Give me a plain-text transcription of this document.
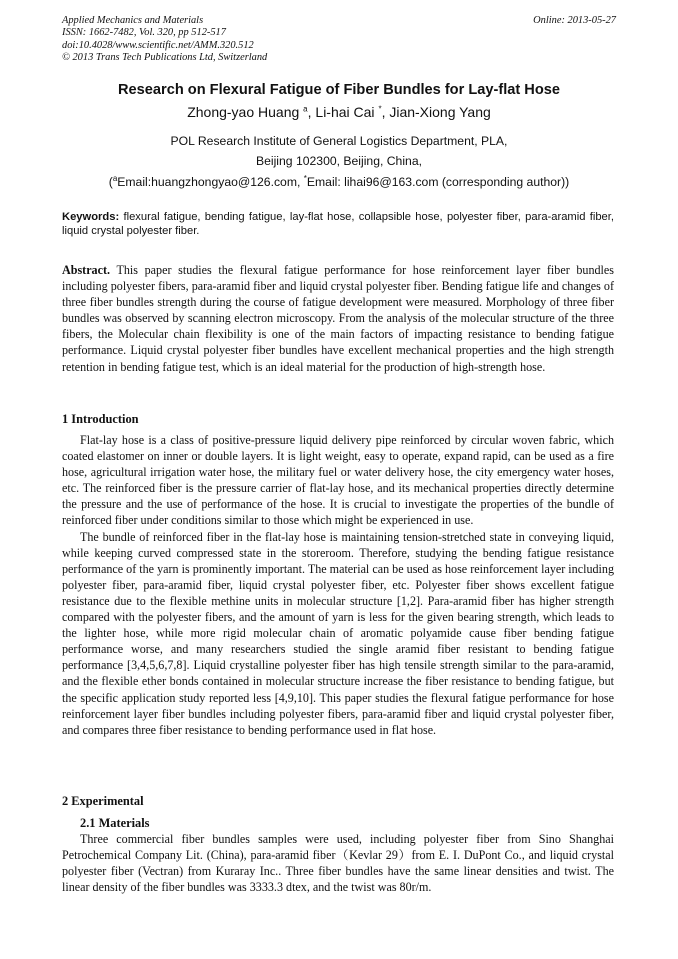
Applied Mechanics and Materials
ISSN: 1662-7482, Vol. 320, pp 512-517
doi:10.4028/www.scientific.net/AMM.320.512
© 2013 Trans Tech Publications Ltd, Switzerland
Online: 2013-05-27
Research on Flexural Fatigue of Fiber Bundles for Lay-flat Hose
Zhong-yao Huang $^a$, Li-hai Cai *, Jian-Xiong Yang
POL Research Institute of General Logistics Department, PLA,
Beijing 102300, Beijing, China,
($^a$Email:huangzhongyao@126.com, *Email: lihai96@163.com (corresponding author))
Keywords: flexural fatigue, bending fatigue, lay-flat hose, collapsible hose, polyester fiber, para-aramid fiber, liquid crystal polyester fiber.
Abstract. This paper studies the flexural fatigue performance for hose reinforcement layer fiber bundles including polyester fibers, para-aramid fiber and liquid crystal polyester fiber. Bending fatigue life and changes of three fiber bundles strength during the course of fatigue development were measured. Morphology of three fiber bundles was observed by scanning electron microscopy. From the analysis of the molecular structure of the three fibers, the Molecular chain flexibility is one of the main factors of impacting resistance to bending fatigue performance. Liquid crystal polyester fiber bundles have excellent mechanical properties and the high strength retention in bending fatigue test, which is an ideal material for the production of high-strength hose.
1 Introduction

Flat-lay hose is a class of positive-pressure liquid delivery pipe reinforced by circular woven fabric, which coated elastomer on inner or double layers. It is light weight, easy to operate, expand rapid, can be used as a fire hose, agricultural irrigation water hose, the military fuel or water delivery hose, the city emergency water hoses, etc. The reinforced fiber is the pressure carrier of flat-lay hose, and its mechanical properties directly determine the pressure and the use of performance of the hose. It is crucial to investigate the properties of the bundle of reinforced fiber under conditions similar to those which might be experienced in use.

The bundle of reinforced fiber in the flat-lay hose is maintaining tension-stretched state in conveying liquid, while keeping curved compressed state in the storeroom. Therefore, studying the bending fatigue resistance performance of the yarn is prominently important. The material can be used as hose reinforcement layer including polyester fiber, para-aramid fiber, liquid crystal polyester fiber, etc. Polyester fiber shows excellent fatigue resistance due to the flexible methine units in molecular structure [1,2]. Para-aramid fiber has higher strength compared with the polyester fibers, and the amount of yarn is less for the given bearing strength, which leads to the lighter hose, while more rigid molecular chain of aromatic polyamide cause fiber bending fatigue performance worse, and many researchers studied the single aramid fiber resistant to bending fatigue performance [3,4,5,6,7,8]. Liquid crystalline polyester fiber has high tensile strength similar to the para-aramid, and the flexible ether bonds contained in molecular structure increase the fiber resistance to bending fatigue, but the specific application study reported less [4,9,10]. This paper studies the flexural fatigue performance for hose reinforcement layer fiber bundles including polyester fibers, para-aramid fiber and liquid crystal polyester fiber, and compares three fiber resistance to bending performance used in flat hose.

2 Experimental
2.1 Materials

Three commercial fiber bundles samples were used, including polyester fiber from Sino Shanghai Petrochemical Company Lit. (China), para-aramid fiber（Kevlar 29）from E. I. DuPont Co., and liquid crystal polyester fiber (Vectran) from Kuraray Inc.. Three fiber bundles have the same linear densities and twist. The linear density of the fiber bundles was 3333.3 dtex, and the twist was 80r/m.
